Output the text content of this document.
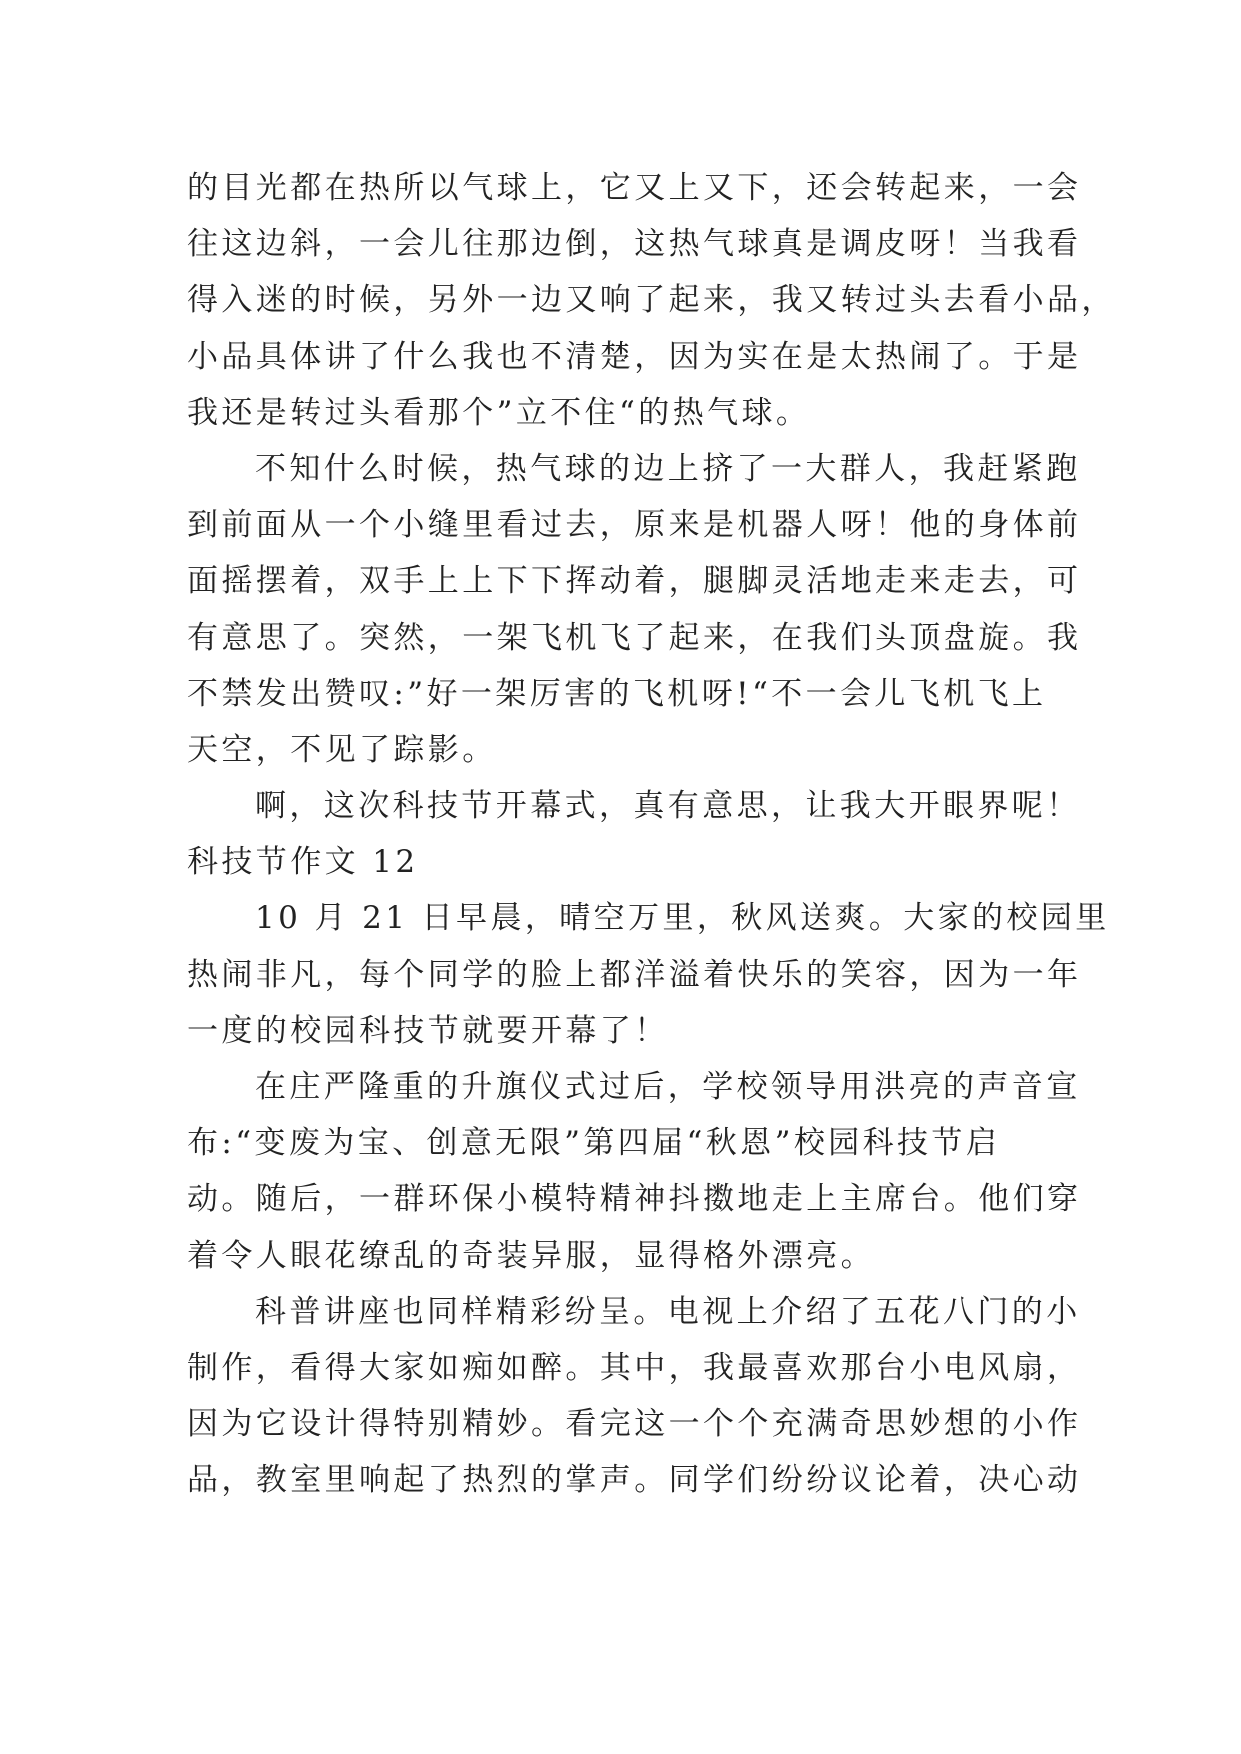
的目光都在热所以气球上，它又上又下，还会转起来，一会
往这边斜，一会儿往那边倒，这热气球真是调皮呀！当我看
得入迷的时候，另外一边又响了起来，我又转过头去看小品，
小品具体讲了什么我也不清楚，因为实在是太热闹了。于是
我还是转过头看那个”立不住“的热气球。
不知什么时候，热气球的边上挤了一大群人，我赶紧跑
到前面从一个小缝里看过去，原来是机器人呀！他的身体前
面摇摆着，双手上上下下挥动着，腿脚灵活地走来走去，可
有意思了。突然，一架飞机飞了起来，在我们头顶盘旋。我
不禁发出赞叹:”好一架厉害的飞机呀!“不一会儿飞机飞上
天空，不见了踪影。
啊，这次科技节开幕式，真有意思，让我大开眼界呢！
科技节作文 12
10 月 21 日早晨，晴空万里，秋风送爽。大家的校园里
热闹非凡，每个同学的脸上都洋溢着快乐的笑容，因为一年
一度的校园科技节就要开幕了！
在庄严隆重的升旗仪式过后，学校领导用洪亮的声音宣
布:“变废为宝、创意无限”第四届“秋恩”校园科技节启
动。随后，一群环保小模特精神抖擞地走上主席台。他们穿
着令人眼花缭乱的奇装异服，显得格外漂亮。
科普讲座也同样精彩纷呈。电视上介绍了五花八门的小
制作，看得大家如痴如醉。其中，我最喜欢那台小电风扇，
因为它设计得特别精妙。看完这一个个充满奇思妙想的小作
品，教室里响起了热烈的掌声。同学们纷纷议论着，决心动
